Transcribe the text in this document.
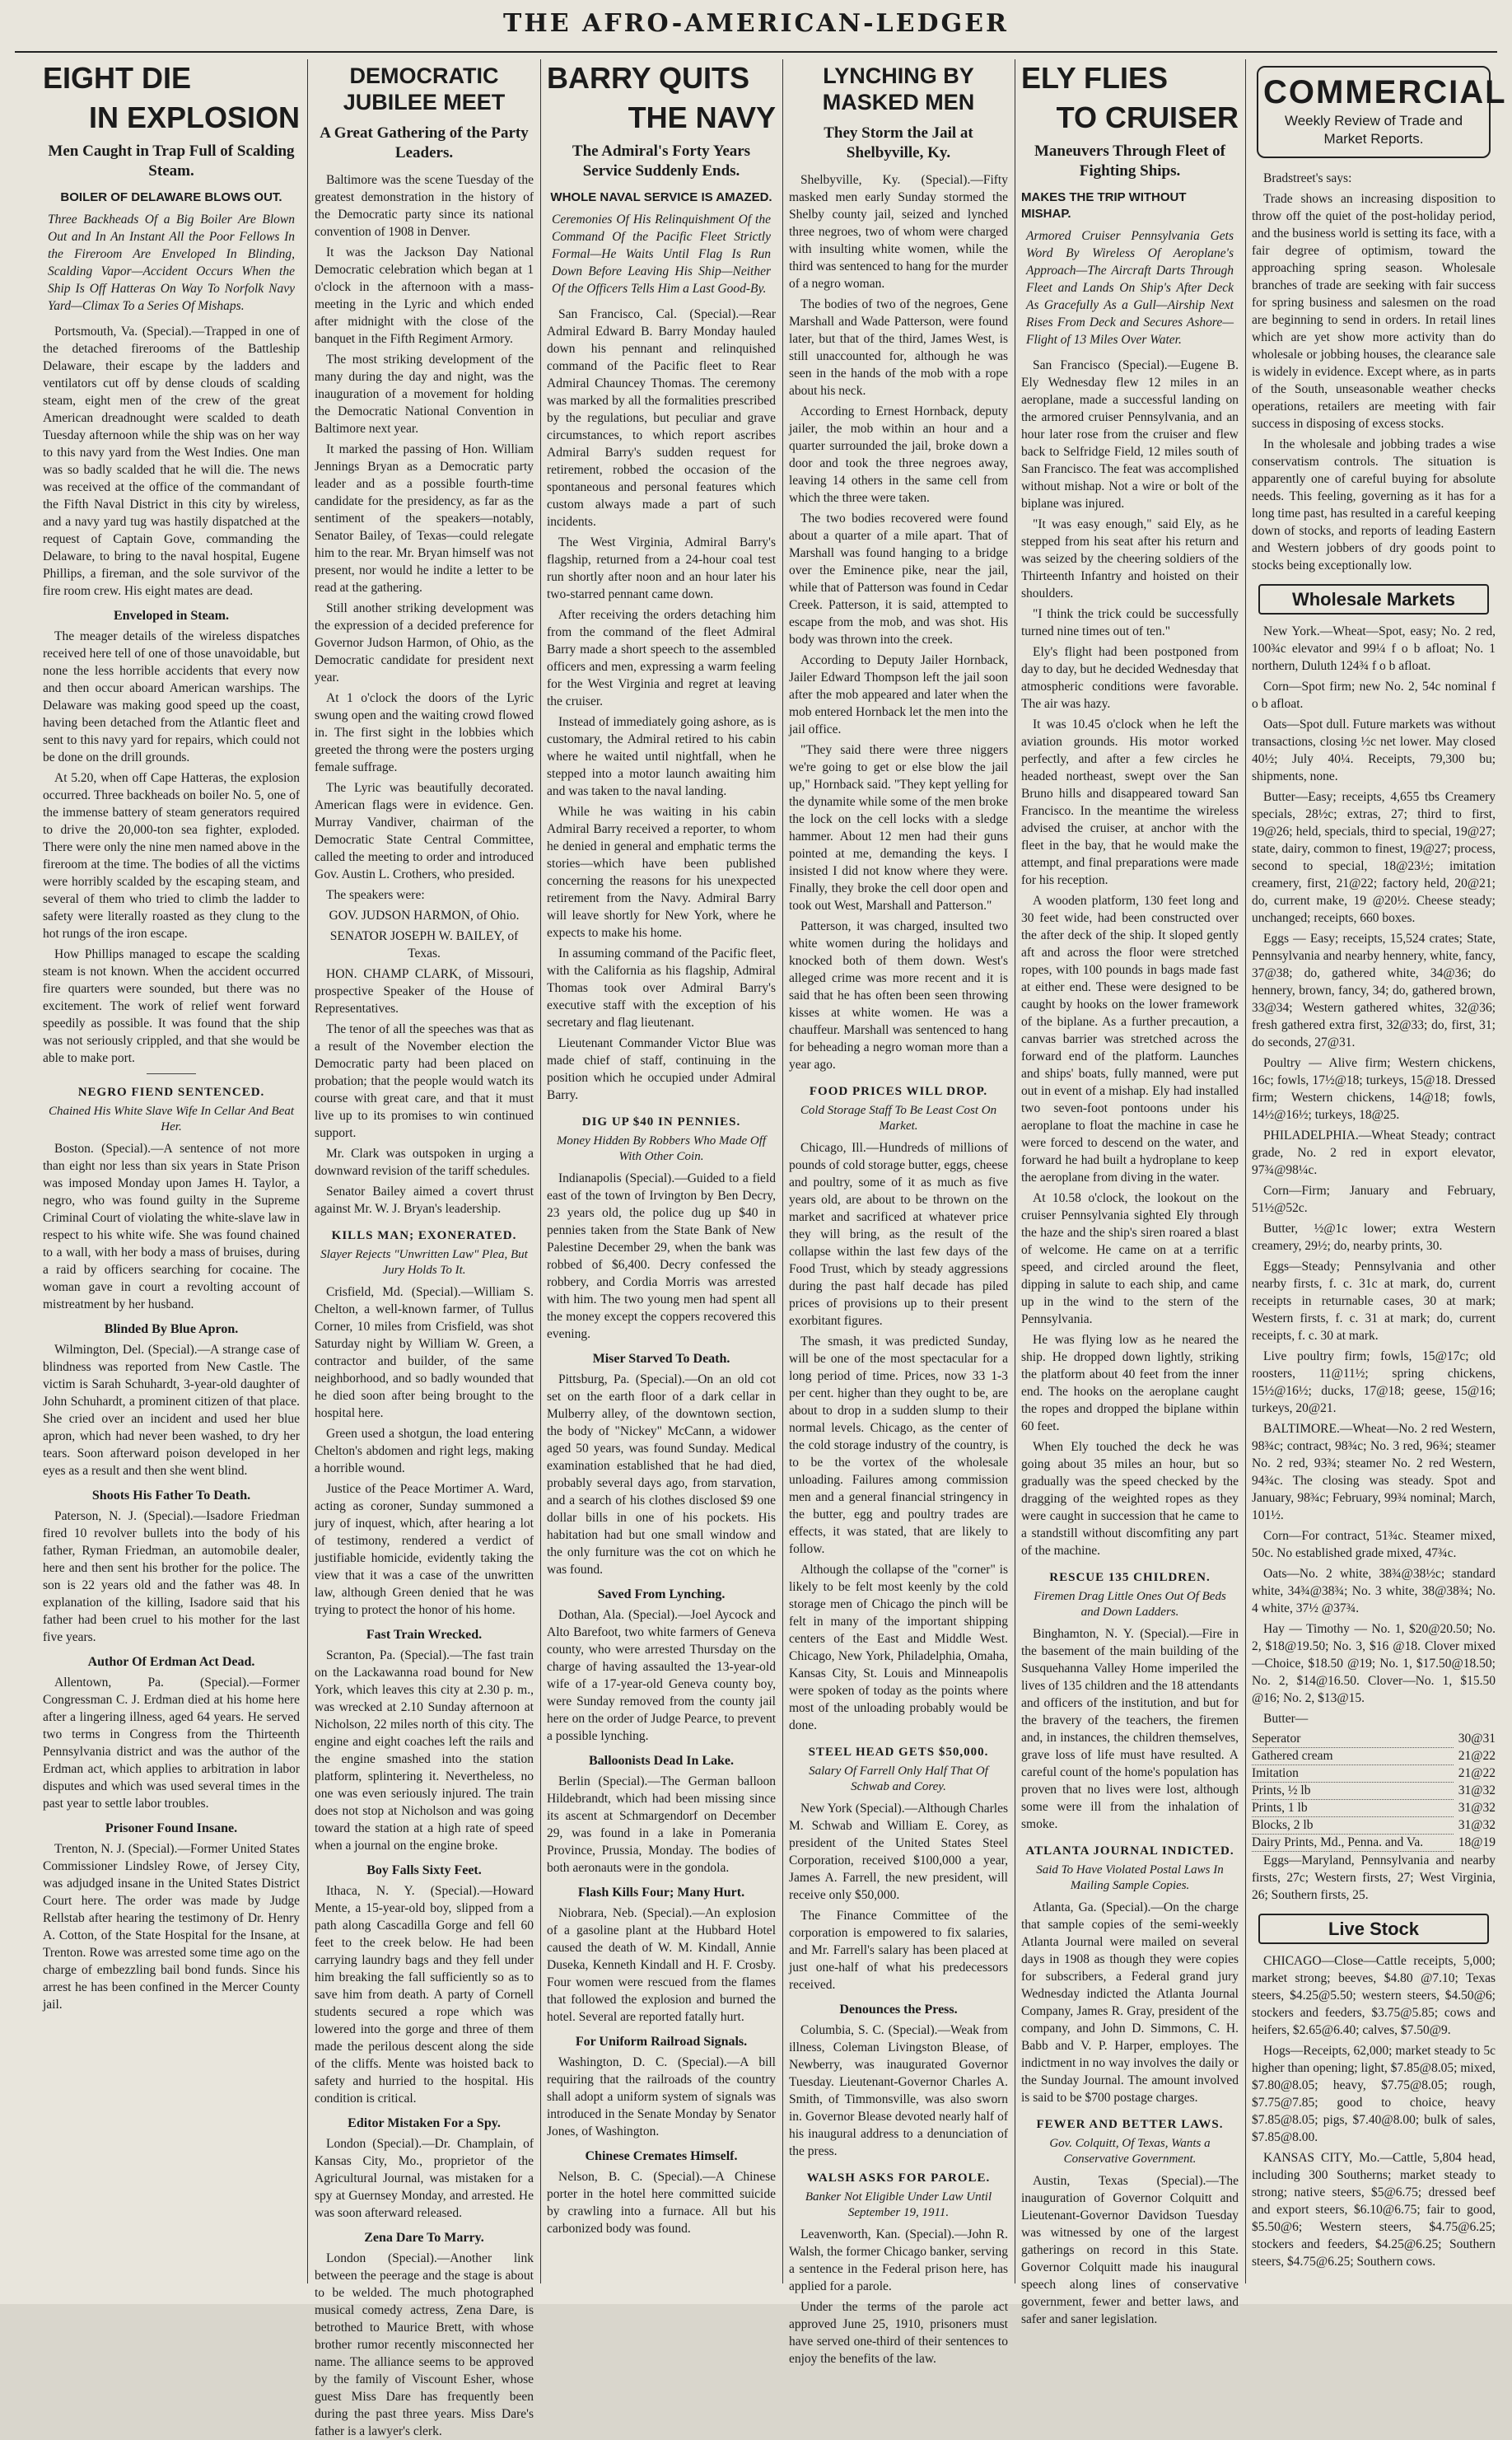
THE AFRO-AMERICAN-LEDGER
EIGHT DIE
IN EXPLOSION
Men Caught in Trap Full of Scalding Steam.
BOILER OF DELAWARE BLOWS OUT.
Three Backheads Of a Big Boiler Are Blown Out and In An Instant All the Poor Fellows In the Fireroom Are Enveloped In Blinding, Scalding Vapor—Accident Occurs When the Ship Is Off Hatteras On Way To Norfolk Navy Yard—Climax To a Series Of Mishaps.

Portsmouth, Va. (Special).—Trapped in one of the detached firerooms of the Battleship Delaware, their escape by the ladders and ventilators cut off by dense clouds of scalding steam, eight men of the crew of the great American dreadnought were scalded to death Tuesday afternoon while the ship was on her way to this navy yard from the West Indies. One man was so badly scalded that he will die. The news was received at the office of the commandant of the Fifth Naval District in this city by wireless, and a navy yard tug was hastily dispatched at the request of Captain Gove, commanding the Delaware, to bring to the naval hospital, Eugene Phillips, a fireman, and the sole survivor of the fire room crew. His eight mates are dead.

Enveloped in Steam.

The meager details of the wireless dispatches received here tell of one of those unavoidable, but none the less horrible accidents that every now and then occur aboard American warships. The Delaware was making good speed up the coast, having been detached from the Atlantic fleet and sent to this navy yard for repairs, which could not be done on the drill grounds.

At 5.20, when off Cape Hatteras, the explosion occurred. Three backheads on boiler No. 5, one of the immense battery of steam generators required to drive the 20,000-ton sea fighter, exploded. There were only the nine men named above in the fireroom at the time. The bodies of all the victims were horribly scalded by the escaping steam, and several of them who tried to climb the ladder to safety were literally roasted as they clung to the hot rungs of the iron escape.

How Phillips managed to escape the scalding steam is not known. When the accident occurred fire quarters were sounded, but there was no excitement. The work of relief went forward speedily as possible. It was found that the ship was not seriously crippled, and that she would be able to make port.

NEGRO FIEND SENTENCED.
Chained His White Slave Wife In Cellar And Beat Her.

Boston. (Special).—A sentence of not more than eight nor less than six years in State Prison was imposed Monday upon James H. Taylor, a negro, who was found guilty in the Supreme Criminal Court of violating the white-slave law in respect to his white wife. She was found chained to a wall, with her body a mass of bruises, during a raid by officers searching for cocaine. The woman gave in court a revolting account of mistreatment by her husband.

Blinded By Blue Apron.

Wilmington, Del. (Special).—A strange case of blindness was reported from New Castle. The victim is Sarah Schuhardt, 3-year-old daughter of John Schuhardt, a prominent citizen of that place. She cried over an incident and used her blue apron, which had never been washed, to dry her tears. Soon afterward poison developed in her eyes as a result and then she went blind.

Shoots His Father To Death.

Paterson, N. J. (Special).—Isadore Friedman fired 10 revolver bullets into the body of his father, Ryman Friedman, an automobile dealer, here and then sent his brother for the police. The son is 22 years old and the father was 48. In explanation of the killing, Isadore said that his father had been cruel to his mother for the last five years.

Author Of Erdman Act Dead.

Allentown, Pa. (Special).—Former Congressman C. J. Erdman died at his home here after a lingering illness, aged 64 years. He served two terms in Congress from the Thirteenth Pennsylvania district and was the author of the Erdman act, which applies to arbitration in labor disputes and which was used several times in the past year to settle labor troubles.

Prisoner Found Insane.

Trenton, N. J. (Special).—Former United States Commissioner Lindsley Rowe, of Jersey City, was adjudged insane in the United States District Court here. The order was made by Judge Rellstab after hearing the testimony of Dr. Henry A. Cotton, of the State Hospital for the Insane, at Trenton. Rowe was arrested some time ago on the charge of embezzling bail bond funds. Since his arrest he has been confined in the Mercer County jail.

DEMOCRATIC JUBILEE MEET
A Great Gathering of the Party Leaders.

Baltimore was the scene Tuesday of the greatest demonstration in the history of the Democratic party since its national convention of 1908 in Denver.

It was the Jackson Day National Democratic celebration which began at 1 o'clock in the afternoon with a mass-meeting in the Lyric and which ended after midnight with the close of the banquet in the Fifth Regiment Armory.

The most striking development of the many during the day and night, was the inauguration of a movement for holding the Democratic National Convention in Baltimore next year.

It marked the passing of Hon. William Jennings Bryan as a Democratic party leader and as a possible fourth-time candidate for the presidency, as far as the sentiment of the speakers—notably, Senator Bailey, of Texas—could relegate him to the rear. Mr. Bryan himself was not present, nor would he indite a letter to be read at the gathering.

Still another striking development was the expression of a decided preference for Governor Judson Harmon, of Ohio, as the Democratic candidate for president next year.

At 1 o'clock the doors of the Lyric swung open and the waiting crowd flowed in. The first sight in the lobbies which greeted the throng were the posters urging female suffrage.

The Lyric was beautifully decorated. American flags were in evidence. Gen. Murray Vandiver, chairman of the Democratic State Central Committee, called the meeting to order and introduced Gov. Austin L. Crothers, who presided.

The speakers were:

GOV. JUDSON HARMON, of Ohio.

SENATOR JOSEPH W. BAILEY, of Texas.

HON. CHAMP CLARK, of Missouri, prospective Speaker of the House of Representatives.

The tenor of all the speeches was that as a result of the November election the Democratic party had been placed on probation; that the people would watch its course with great care, and that it must live up to its promises to win continued support.

Mr. Clark was outspoken in urging a downward revision of the tariff schedules.

Senator Bailey aimed a covert thrust against Mr. W. J. Bryan's leadership.

KILLS MAN; EXONERATED.
Slayer Rejects "Unwritten Law" Plea, But Jury Holds To It.

Crisfield, Md. (Special).—William S. Chelton, a well-known farmer, of Tullus Corner, 10 miles from Crisfield, was shot Saturday night by William W. Green, a contractor and builder, of the same neighborhood, and so badly wounded that he died soon after being brought to the hospital here.

Green used a shotgun, the load entering Chelton's abdomen and right legs, making a horrible wound.

Justice of the Peace Mortimer A. Ward, acting as coroner, Sunday summoned a jury of inquest, which, after hearing a lot of testimony, rendered a verdict of justifiable homicide, evidently taking the view that it was a case of the unwritten law, although Green denied that he was trying to protect the honor of his home.

Fast Train Wrecked.

Scranton, Pa. (Special).—The fast train on the Lackawanna road bound for New York, which leaves this city at 2.30 p. m., was wrecked at 2.10 Sunday afternoon at Nicholson, 22 miles north of this city. The engine and eight coaches left the rails and the engine smashed into the station platform, splintering it. Nevertheless, no one was even seriously injured. The train does not stop at Nicholson and was going toward the station at a high rate of speed when a journal on the engine broke.

Boy Falls Sixty Feet.

Ithaca, N. Y. (Special).—Howard Mente, a 15-year-old boy, slipped from a path along Cascadilla Gorge and fell 60 feet to the creek below. He had been carrying laundry bags and they fell under him breaking the fall sufficiently so as to save him from death. A party of Cornell students secured a rope which was lowered into the gorge and three of them made the perilous descent along the side of the cliffs. Mente was hoisted back to safety and hurried to the hospital. His condition is critical.

Editor Mistaken For a Spy.

London (Special).—Dr. Champlain, of Kansas City, Mo., proprietor of the Agricultural Journal, was mistaken for a spy at Guernsey Monday, and arrested. He was soon afterward released.

Zena Dare To Marry.

London (Special).—Another link between the peerage and the stage is about to be welded. The much photographed musical comedy actress, Zena Dare, is betrothed to Maurice Brett, with whose brother rumor recently misconnected her name. The alliance seems to be approved by the family of Viscount Esher, whose guest Miss Dare has frequently been during the past three years. Miss Dare's father is a lawyer's clerk.

BARRY QUITS
THE NAVY
The Admiral's Forty Years Service Suddenly Ends.
WHOLE NAVAL SERVICE IS AMAZED.
Ceremonies Of His Relinquishment Of the Command Of the Pacific Fleet Strictly Formal—He Waits Until Flag Is Run Down Before Leaving His Ship—Neither Of the Officers Tells Him a Last Good-By.

San Francisco, Cal. (Special).—Rear Admiral Edward B. Barry Monday hauled down his pennant and relinquished command of the Pacific fleet to Rear Admiral Chauncey Thomas. The ceremony was marked by all the formalities prescribed by the regulations, but peculiar and grave circumstances, to which report ascribes Admiral Barry's sudden request for retirement, robbed the occasion of the spontaneous and personal features which custom always made a part of such incidents.

The West Virginia, Admiral Barry's flagship, returned from a 24-hour coal test run shortly after noon and an hour later his two-starred pennant came down.

After receiving the orders detaching him from the command of the fleet Admiral Barry made a short speech to the assembled officers and men, expressing a warm feeling for the West Virginia and regret at leaving the cruiser.

Instead of immediately going ashore, as is customary, the Admiral retired to his cabin where he waited until nightfall, when he stepped into a motor launch awaiting him and was taken to the naval landing.

While he was waiting in his cabin Admiral Barry received a reporter, to whom he denied in general and emphatic terms the stories—which have been published concerning the reasons for his unexpected retirement from the Navy. Admiral Barry will leave shortly for New York, where he expects to make his home.

In assuming command of the Pacific fleet, with the California as his flagship, Admiral Thomas took over Admiral Barry's executive staff with the exception of his secretary and flag lieutenant.

Lieutenant Commander Victor Blue was made chief of staff, continuing in the position which he occupied under Admiral Barry.

DIG UP $40 IN PENNIES.
Money Hidden By Robbers Who Made Off With Other Coin.

Indianapolis (Special).—Guided to a field east of the town of Irvington by Ben Decry, 23 years old, the police dug up $40 in pennies taken from the State Bank of New Palestine December 29, when the bank was robbed of $6,400. Decry confessed the robbery, and Cordia Morris was arrested with him. The two young men had spent all the money except the coppers recovered this evening.

Miser Starved To Death.

Pittsburg, Pa. (Special).—On an old cot set on the earth floor of a dark cellar in Mulberry alley, of the downtown section, the body of "Nickey" McCann, a widower aged 50 years, was found Sunday. Medical examination established that he had died, probably several days ago, from starvation, and a search of his clothes disclosed $9 one dollar bills in one of his pockets. His habitation had but one small window and the only furniture was the cot on which he was found.

Saved From Lynching.

Dothan, Ala. (Special).—Joel Aycock and Alto Barefoot, two white farmers of Geneva county, who were arrested Thursday on the charge of having assaulted the 13-year-old wife of a 17-year-old Geneva county boy, were Sunday removed from the county jail here on the order of Judge Pearce, to prevent a possible lynching.

Balloonists Dead In Lake.

Berlin (Special).—The German balloon Hildebrandt, which had been missing since its ascent at Schmargendorf on December 29, was found in a lake in Pomerania Province, Prussia, Monday. The bodies of both aeronauts were in the gondola.

Flash Kills Four; Many Hurt.

Niobrara, Neb. (Special).—An explosion of a gasoline plant at the Hubbard Hotel caused the death of W. M. Kindall, Annie Duseka, Kenneth Kindall and H. F. Crosby. Four women were rescued from the flames that followed the explosion and burned the hotel. Several are reported fatally hurt.

For Uniform Railroad Signals.

Washington, D. C. (Special).—A bill requiring that the railroads of the country shall adopt a uniform system of signals was introduced in the Senate Monday by Senator Jones, of Washington.

Chinese Cremates Himself.

Nelson, B. C. (Special).—A Chinese porter in the hotel here committed suicide by crawling into a furnace. All but his carbonized body was found.

LYNCHING BY MASKED MEN
They Storm the Jail at Shelbyville, Ky.

Shelbyville, Ky. (Special).—Fifty masked men early Sunday stormed the Shelby county jail, seized and lynched three negroes, two of whom were charged with insulting white women, while the third was sentenced to hang for the murder of a negro woman.

The bodies of two of the negroes, Gene Marshall and Wade Patterson, were found later, but that of the third, James West, is still unaccounted for, although he was seen in the hands of the mob with a rope about his neck.

According to Ernest Hornback, deputy jailer, the mob within an hour and a quarter surrounded the jail, broke down a door and took the three negroes away, leaving 14 others in the same cell from which the three were taken.

The two bodies recovered were found about a quarter of a mile apart. That of Marshall was found hanging to a bridge over the Eminence pike, near the jail, while that of Patterson was found in Cedar Creek. Patterson, it is said, attempted to escape from the mob, and was shot. His body was thrown into the creek.

According to Deputy Jailer Hornback, Jailer Edward Thompson left the jail soon after the mob appeared and later when the mob entered Hornback let the men into the jail office.

"They said there were three niggers we're going to get or else blow the jail up," Hornback said. "They kept yelling for the dynamite while some of the men broke the lock on the cell locks with a sledge hammer. About 12 men had their guns pointed at me, demanding the keys. I insisted I did not know where they were. Finally, they broke the cell door open and took out West, Marshall and Patterson."

Patterson, it was charged, insulted two white women during the holidays and knocked both of them down. West's alleged crime was more recent and it is said that he has often been seen throwing kisses at white women. He was a chauffeur. Marshall was sentenced to hang for beheading a negro woman more than a year ago.

FOOD PRICES WILL DROP.
Cold Storage Staff To Be Least Cost On Market.

Chicago, Ill.—Hundreds of millions of pounds of cold storage butter, eggs, cheese and poultry, some of it as much as five years old, are about to be thrown on the market and sacrificed at whatever price they will bring, as the result of the collapse within the last few days of the Food Trust, which by steady aggressions during the past half decade has piled prices of provisions up to their present exorbitant figures.

The smash, it was predicted Sunday, will be one of the most spectacular for a long period of time. Prices, now 33 1-3 per cent. higher than they ought to be, are about to drop in a sudden slump to their normal levels. Chicago, as the center of the cold storage industry of the country, is to be the vortex of the wholesale unloading. Failures among commission men and a general financial stringency in the butter, egg and poultry trades are effects, it was stated, that are likely to follow.

Although the collapse of the "corner" is likely to be felt most keenly by the cold storage men of Chicago the pinch will be felt in many of the important shipping centers of the East and Middle West. Chicago, New York, Philadelphia, Omaha, Kansas City, St. Louis and Minneapolis were spoken of today as the points where most of the unloading probably would be done.

STEEL HEAD GETS $50,000.
Salary Of Farrell Only Half That Of Schwab and Corey.

New York (Special).—Although Charles M. Schwab and William E. Corey, as president of the United States Steel Corporation, received $100,000 a year, James A. Farrell, the new president, will receive only $50,000.

The Finance Committee of the corporation is empowered to fix salaries, and Mr. Farrell's salary has been placed at just one-half of what his predecessors received.

Denounces the Press.

Columbia, S. C. (Special).—Weak from illness, Coleman Livingston Blease, of Newberry, was inaugurated Governor Tuesday. Lieutenant-Governor Charles A. Smith, of Timmonsville, was also sworn in. Governor Blease devoted nearly half of his inaugural address to a denunciation of the press.

WALSH ASKS FOR PAROLE.
Banker Not Eligible Under Law Until September 19, 1911.

Leavenworth, Kan. (Special).—John R. Walsh, the former Chicago banker, serving a sentence in the Federal prison here, has applied for a parole.

Under the terms of the parole act approved June 25, 1910, prisoners must have served one-third of their sentences to enjoy the benefits of the law.

ELY FLIES
TO CRUISER
Maneuvers Through Fleet of Fighting Ships.
MAKES THE TRIP WITHOUT MISHAP.
Armored Cruiser Pennsylvania Gets Word By Wireless Of Aeroplane's Approach—The Aircraft Darts Through Fleet and Lands On Ship's After Deck As Gracefully As a Gull—Airship Next Rises From Deck and Secures Ashore—Flight of 13 Miles Over Water.

San Francisco (Special).—Eugene B. Ely Wednesday flew 12 miles in an aeroplane, made a successful landing on the armored cruiser Pennsylvania, and an hour later rose from the cruiser and flew back to Selfridge Field, 12 miles south of San Francisco. The feat was accomplished without mishap. Not a wire or bolt of the biplane was injured.

"It was easy enough," said Ely, as he stepped from his seat after his return and was seized by the cheering soldiers of the Thirteenth Infantry and hoisted on their shoulders.

"I think the trick could be successfully turned nine times out of ten."

Ely's flight had been postponed from day to day, but he decided Wednesday that atmospheric conditions were favorable. The air was hazy.

It was 10.45 o'clock when he left the aviation grounds. His motor worked perfectly, and after a few circles he headed northeast, swept over the San Bruno hills and disappeared toward San Francisco. In the meantime the wireless advised the cruiser, at anchor with the fleet in the bay, that he would make the attempt, and final preparations were made for his reception.

A wooden platform, 130 feet long and 30 feet wide, had been constructed over the after deck of the ship. It sloped gently aft and across the floor were stretched ropes, with 100 pounds in bags made fast at either end. These were designed to be caught by hooks on the lower framework of the biplane. As a further precaution, a canvas barrier was stretched across the forward end of the platform. Launches and ships' boats, fully manned, were put out in event of a mishap. Ely had installed two seven-foot pontoons under his aeroplane to float the machine in case he were forced to descend on the water, and forward he had built a hydroplane to keep the aeroplane from diving in the water.

At 10.58 o'clock, the lookout on the cruiser Pennsylvania sighted Ely through the haze and the ship's siren roared a blast of welcome. He came on at a terrific speed, and circled around the fleet, dipping in salute to each ship, and came up in the wind to the stern of the Pennsylvania.

He was flying low as he neared the ship. He dropped down lightly, striking the platform about 40 feet from the inner end. The hooks on the aeroplane caught the ropes and dropped the biplane within 60 feet.

When Ely touched the deck he was going about 35 miles an hour, but so gradually was the speed checked by the dragging of the weighted ropes as they were caught in succession that he came to a standstill without discomfiting any part of the machine.

RESCUE 135 CHILDREN.
Firemen Drag Little Ones Out Of Beds and Down Ladders.

Binghamton, N. Y. (Special).—Fire in the basement of the main building of the Susquehanna Valley Home imperiled the lives of 135 children and the 18 attendants and officers of the institution, and but for the bravery of the teachers, the firemen and, in instances, the children themselves, grave loss of life must have resulted. A careful count of the home's population has proven that no lives were lost, although some were ill from the inhalation of smoke.

ATLANTA JOURNAL INDICTED.
Said To Have Violated Postal Laws In Mailing Sample Copies.

Atlanta, Ga. (Special).—On the charge that sample copies of the semi-weekly Atlanta Journal were mailed on several days in 1908 as though they were copies for subscribers, a Federal grand jury Wednesday indicted the Atlanta Journal Company, James R. Gray, president of the company, and John D. Simmons, C. H. Babb and V. P. Harper, employes. The indictment in no way involves the daily or the Sunday Journal. The amount involved is said to be $700 postage charges.

FEWER AND BETTER LAWS.
Gov. Colquitt, Of Texas, Wants a Conservative Government.

Austin, Texas (Special).—The inauguration of Governor Colquitt and Lieutenant-Governor Davidson Tuesday was witnessed by one of the largest gatherings on record in this State. Governor Colquitt made his inaugural speech along lines of conservative government, fewer and better laws, and safer and saner legislation.

COMMERCIAL
Weekly Review of Trade and Market Reports.

Bradstreet's says:

Trade shows an increasing disposition to throw off the quiet of the post-holiday period, and the business world is setting its face, with a fair degree of optimism, toward the approaching spring season. Wholesale branches of trade are seeking with fair success for spring business and salesmen on the road are beginning to send in orders. In retail lines which are yet show more activity than do wholesale or jobbing houses, the clearance sale is widely in evidence. Except where, as in parts of the South, unseasonable weather checks operations, retailers are meeting with fair success in disposing of excess stocks.

In the wholesale and jobbing trades a wise conservatism controls. The situation is apparently one of careful buying for absolute needs. This feeling, governing as it has for a long time past, has resulted in a careful keeping down of stocks, and reports of leading Eastern and Western jobbers of dry goods point to stocks being exceptionally low.

Wholesale Markets

New York.—Wheat—Spot, easy; No. 2 red, 100¾c elevator and 99¼ f o b afloat; No. 1 northern, Duluth 124¾ f o b afloat.

Corn—Spot firm; new No. 2, 54c nominal f o b afloat.

Oats—Spot dull. Future markets was without transactions, closing ½c net lower. May closed 40½; July 40¼. Receipts, 79,300 bu; shipments, none.

Butter—Easy; receipts, 4,655 tbs Creamery specials, 28½c; extras, 27; third to first, 19@26; held, specials, third to special, 19@27; state, dairy, common to finest, 19@27; process, second to special, 18@23½; imitation creamery, first, 21@22; factory held, 20@21; do, current make, 19 @20½. Cheese steady; unchanged; receipts, 660 boxes.

Eggs — Easy; receipts, 15,524 crates; State, Pennsylvania and nearby hennery, white, fancy, 37@38; do, gathered white, 34@36; do hennery, brown, fancy, 34; do, gathered brown, 33@34; Western gathered whites, 32@36; fresh gathered extra first, 32@33; do, first, 31; do seconds, 27@31.

Poultry — Alive firm; Western chickens, 16c; fowls, 17½@18; turkeys, 15@18. Dressed firm; Western chickens, 14@18; fowls, 14½@16½; turkeys, 18@25.

PHILADELPHIA.—Wheat Steady; contract grade, No. 2 red in export elevator, 97¾@98¼c.

Corn—Firm; January and February, 51½@52c.

Butter, ½@1c lower; extra Western creamery, 29½; do, nearby prints, 30.

Eggs—Steady; Pennsylvania and other nearby firsts, f. c. 31c at mark, do, current receipts in returnable cases, 30 at mark; Western firsts, f. c. 31 at mark; do, current receipts, f. c. 30 at mark.

Live poultry firm; fowls, 15@17c; old roosters, 11@11½; spring chickens, 15½@16½; ducks, 17@18; geese, 15@16; turkeys, 20@21.

BALTIMORE.—Wheat—No. 2 red Western, 98¾c; contract, 98¾c; No. 3 red, 96¾; steamer No. 2 red, 93¾; steamer No. 2 red Western, 94¾c. The closing was steady. Spot and January, 98¾c; February, 99¾ nominal; March, 101½.

Corn—For contract, 51¾c. Steamer mixed, 50c. No established grade mixed, 47¾c.

Oats—No. 2 white, 38¾@38½c; standard white, 34¾@38¾; No. 3 white, 38@38¾; No. 4 white, 37½ @37¾.

Hay — Timothy — No. 1, $20@20.50; No. 2, $18@19.50; No. 3, $16 @18. Clover mixed—Choice, $18.50 @19; No. 1, $17.50@18.50; No. 2, $14@16.50. Clover—No. 1, $15.50 @16; No. 2, $13@15.

Butter—

Seperator	30@31
Gathered cream	21@22
Imitation	21@22
Prints, ½ lb	31@32
Prints, 1 lb	31@32
Blocks, 2 lb	31@32
Dairy Prints, Md., Penna. and Va.	18@19

Eggs—Maryland, Pennsylvania and nearby firsts, 27c; Western firsts, 27; West Virginia, 26; Southern firsts, 25.

Live Stock

CHICAGO—Close—Cattle receipts, 5,000; market strong; beeves, $4.80 @7.10; Texas steers, $4.25@5.50; western steers, $4.50@6; stockers and feeders, $3.75@5.85; cows and heifers, $2.65@6.40; calves, $7.50@9.

Hogs—Receipts, 62,000; market steady to 5c higher than opening; light, $7.85@8.05; mixed, $7.80@8.05; heavy, $7.75@8.05; rough, $7.75@7.85; good to choice, heavy $7.85@8.05; pigs, $7.40@8.00; bulk of sales, $7.85@8.00.

KANSAS CITY, Mo.—Cattle, 5,804 head, including 300 Southerns; market steady to strong; native steers, $5@6.75; dressed beef and export steers, $6.10@6.75; fair to good, $5.50@6; Western steers, $4.75@6.25; stockers and feeders, $4.25@6.25; Southern steers, $4.75@6.25; Southern cows.
